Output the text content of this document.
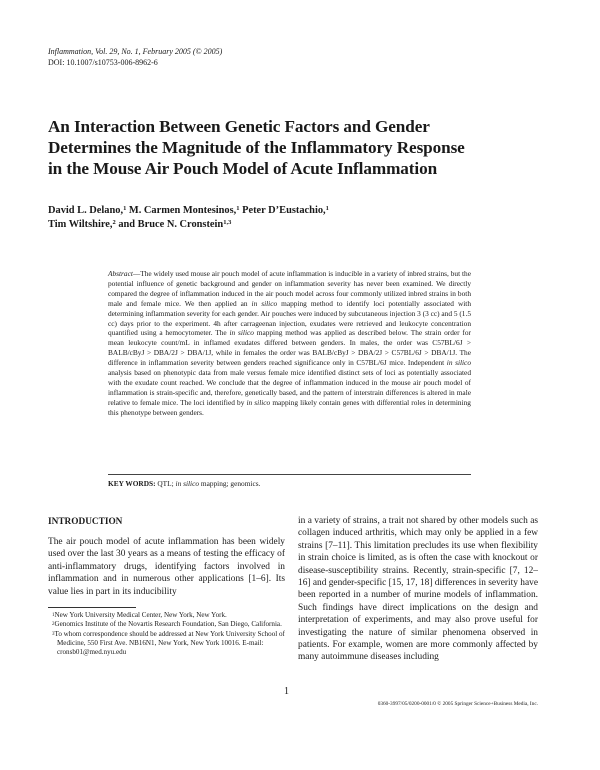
Inflammation, Vol. 29, No. 1, February 2005 (© 2005)
DOI: 10.1007/s10753-006-8962-6
An Interaction Between Genetic Factors and Gender
Determines the Magnitude of the Inflammatory Response
in the Mouse Air Pouch Model of Acute Inflammation
David L. Delano,$^1$ M. Carmen Montesinos,$^1$ Peter D’Eustachio,$^1$
Tim Wiltshire,$^2$ and Bruce N. Cronstein$^{1,3}$
Abstract—The widely used mouse air pouch model of acute inflammation is inducible in a variety of inbred strains, but the potential influence of genetic background and gender on inflammation severity has never been examined. We directly compared the degree of inflammation induced in the air pouch model across four commonly utilized inbred strains in both male and female mice. We then applied an in silico mapping method to identify loci potentially associated with determining inflammation severity for each gender. Air pouches were induced by subcutaneous injection 3 (3 cc) and 5 (1.5 cc) days prior to the experiment. 4h after carrageenan injection, exudates were retrieved and leukocyte concentration quantified using a hemocytometer. The in silico mapping method was applied as described below. The strain order for mean leukocyte count/mL in inflamed exudates differed between genders. In males, the order was C57BL/6J > BALB/cByJ > DBA/2J > DBA/1J, while in females the order was BALB/cByJ > DBA/2J > C57BL/6J > DBA/1J. The difference in inflammation severity between genders reached significance only in C57BL/6J mice. Independent in silico analysis based on phenotypic data from male versus female mice identified distinct sets of loci as potentially associated with the exudate count reached. We conclude that the degree of inflammation induced in the mouse air pouch model of inflammation is strain-specific and, therefore, genetically based, and the pattern of interstrain differences is altered in male relative to female mice. The loci identified by in silico mapping likely contain genes with differential roles in determining this phenotype between genders.
KEY WORDS: QTL; in silico mapping; genomics.
INTRODUCTION
The air pouch model of acute inflammation has been widely used over the last 30 years as a means of testing the efficacy of anti-inflammatory drugs, identifying factors involved in inflammation and in numerous other applications [1–6]. Its value lies in part in its inducibility

$^1$New York University Medical Center, New York, New York.

$^2$Genomics Institute of the Novartis Research Foundation, San Diego, California.

$^3$To whom correspondence should be addressed at New York University School of Medicine, 550 First Ave. NB16N1, New York, New York 10016. E-mail: cronsb01@med.nyu.edu

in a variety of strains, a trait not shared by other models such as collagen induced arthritis, which may only be applied in a few strains [7–11]. This limitation precludes its use when flexibility in strain choice is limited, as is often the case with knockout or disease-susceptibility strains. Recently, strain-specific [7, 12–16] and gender-specific [15, 17, 18] differences in severity have been reported in a number of murine models of inflammation. Such findings have direct implications on the design and interpretation of experiments, and may also prove useful for investigating the nature of similar phenomena observed in patients. For example, women are more commonly affected by many autoimmune diseases including
1
0360-3997/05/0200-0001/0 © 2005 Springer Science+Business Media, Inc.
